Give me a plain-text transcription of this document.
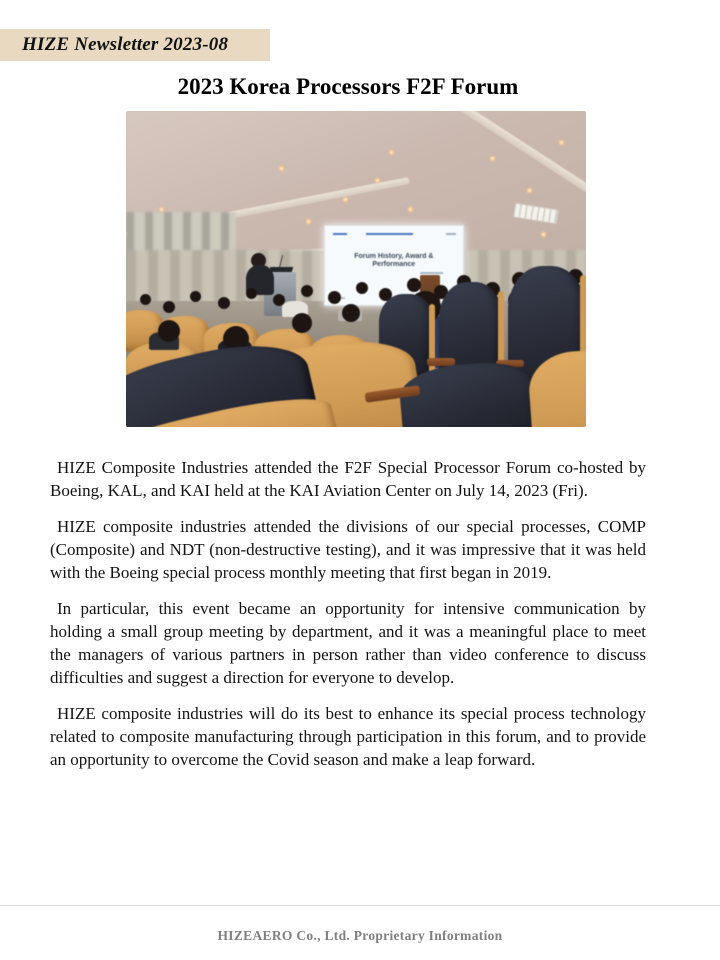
HIZE Newsletter 2023-08
2023 Korea Processors F2F Forum
Forum History, Award &
Performance

HIZE Composite Industries attended the F2F Special Processor Forum co-hosted by Boeing, KAL, and KAI held at the KAI Aviation Center on July 14, 2023 (Fri).

HIZE composite industries attended the divisions of our special processes, COMP (Composite) and NDT (non-destructive testing), and it was impressive that it was held with the Boeing special process monthly meeting that first began in 2019.

In particular, this event became an opportunity for intensive communication by holding a small group meeting by department, and it was a meaningful place to meet the managers of various partners in person rather than video conference to discuss difficulties and suggest a direction for everyone to develop.

HIZE composite industries will do its best to enhance its special process technology related to composite manufacturing through participation in this forum, and to provide an opportunity to overcome the Covid season and make a leap forward.

HIZEAERO Co., Ltd. Proprietary Information
